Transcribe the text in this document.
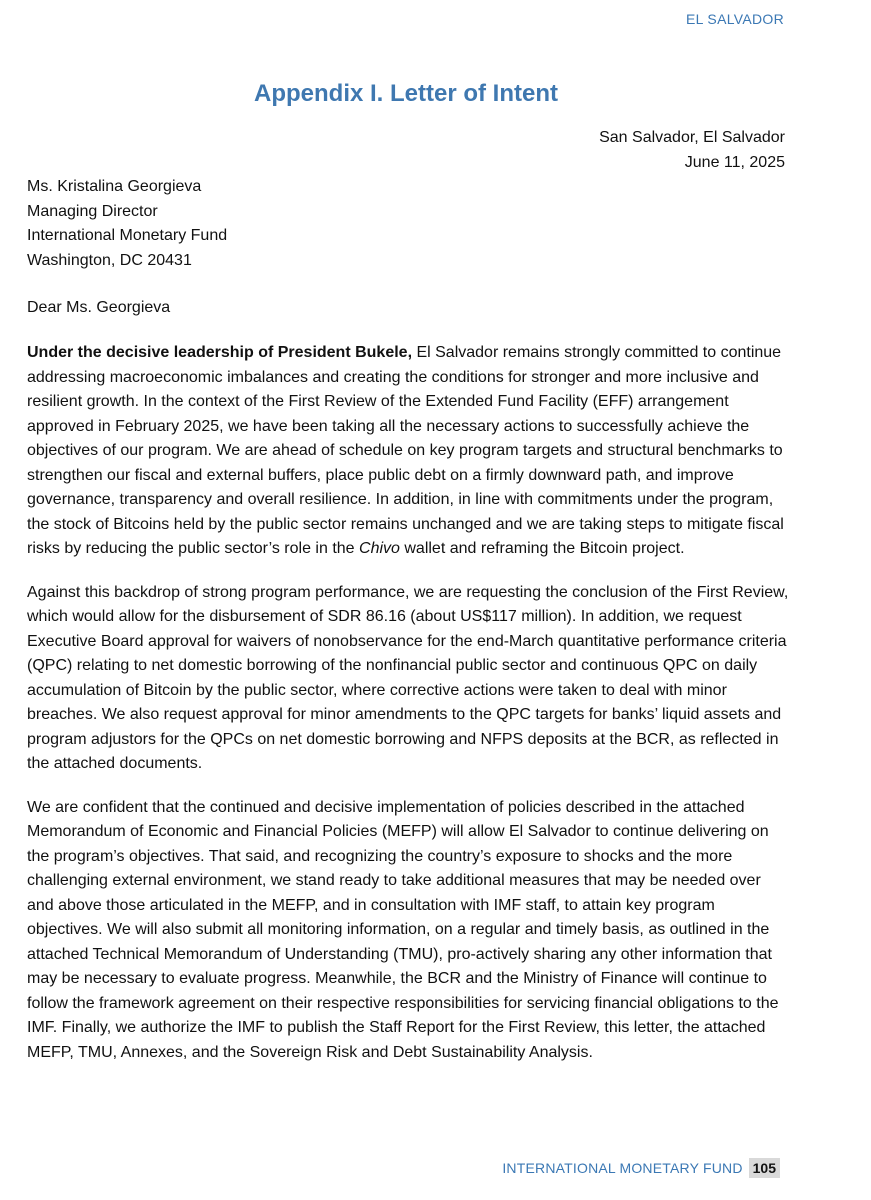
EL SALVADOR
Appendix I. Letter of Intent
San Salvador, El Salvador
June 11, 2025
Ms. Kristalina Georgieva
Managing Director
International Monetary Fund
Washington, DC 20431
Dear Ms. Georgieva

Under the decisive leadership of President Bukele, El Salvador remains strongly committed to continue addressing macroeconomic imbalances and creating the conditions for stronger and more inclusive and resilient growth. In the context of the First Review of the Extended Fund Facility (EFF) arrangement approved in February 2025, we have been taking all the necessary actions to successfully achieve the objectives of our program. We are ahead of schedule on key program targets and structural benchmarks to strengthen our fiscal and external buffers, place public debt on a firmly downward path, and improve governance, transparency and overall resilience. In addition, in line with commitments under the program, the stock of Bitcoins held by the public sector remains unchanged and we are taking steps to mitigate fiscal risks by reducing the public sector’s role in the Chivo wallet and reframing the Bitcoin project.

Against this backdrop of strong program performance, we are requesting the conclusion of the First Review, which would allow for the disbursement of SDR 86.16 (about US$117 million). In addition, we request Executive Board approval for waivers of nonobservance for the end-March quantitative performance criteria (QPC) relating to net domestic borrowing of the nonfinancial public sector and continuous QPC on daily accumulation of Bitcoin by the public sector, where corrective actions were taken to deal with minor breaches. We also request approval for minor amendments to the QPC targets for banks’ liquid assets and program adjustors for the QPCs on net domestic borrowing and NFPS deposits at the BCR, as reflected in the attached documents.

We are confident that the continued and decisive implementation of policies described in the attached Memorandum of Economic and Financial Policies (MEFP) will allow El Salvador to continue delivering on the program’s objectives. That said, and recognizing the country’s exposure to shocks and the more challenging external environment, we stand ready to take additional measures that may be needed over and above those articulated in the MEFP, and in consultation with IMF staff, to attain key program objectives. We will also submit all monitoring information, on a regular and timely basis, as outlined in the attached Technical Memorandum of Understanding (TMU), pro-actively sharing any other information that may be necessary to evaluate progress. Meanwhile, the BCR and the Ministry of Finance will continue to follow the framework agreement on their respective responsibilities for servicing financial obligations to the IMF. Finally, we authorize the IMF to publish the Staff Report for the First Review, this letter, the attached MEFP, TMU, Annexes, and the Sovereign Risk and Debt Sustainability Analysis.

INTERNATIONAL MONETARY FUND 105
